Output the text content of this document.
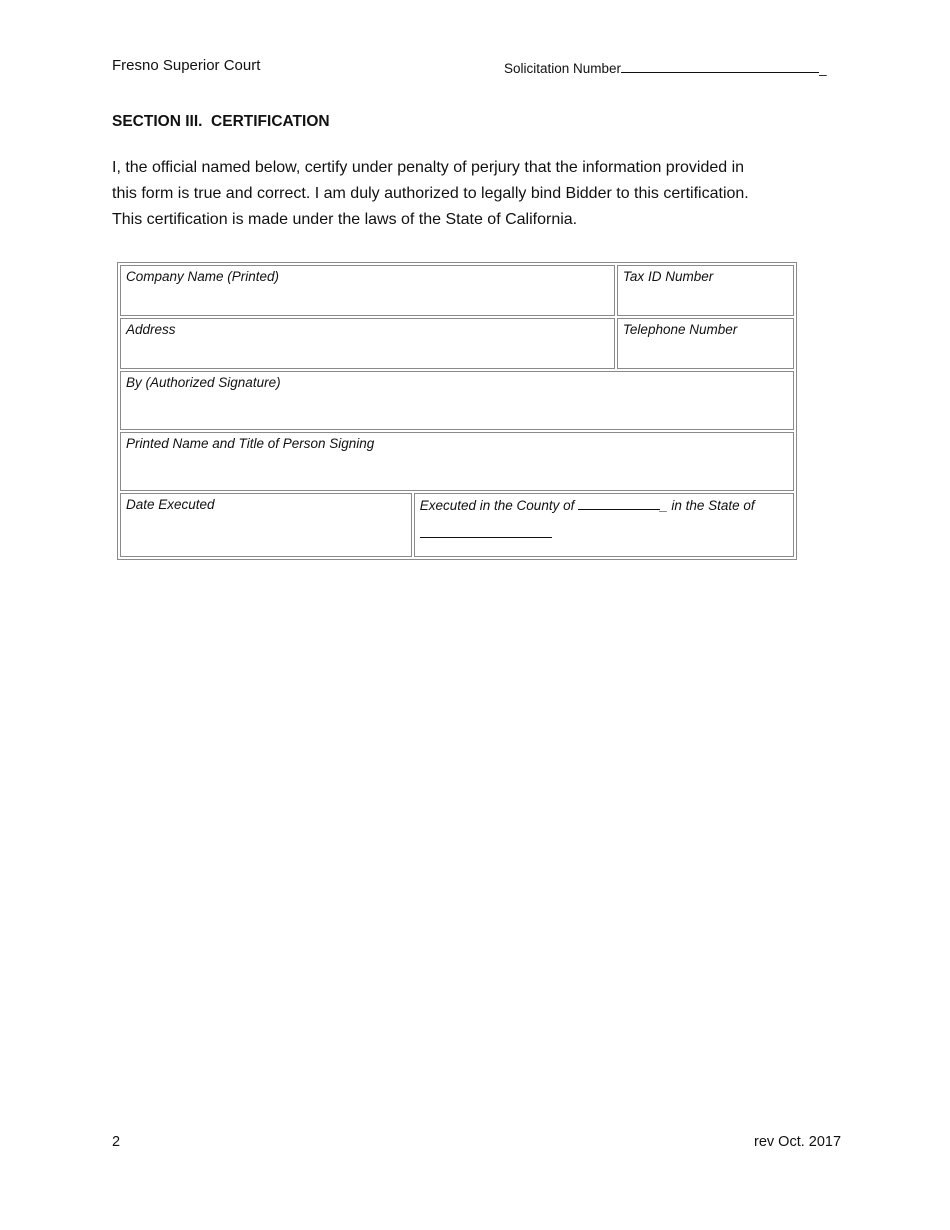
Fresno Superior Court	Solicitation Number	_
SECTION III.  CERTIFICATION
I, the official named below, certify under penalty of perjury that the information provided in
this form is true and correct. I am duly authorized to legally bind Bidder to this certification.
This certification is made under the laws of the State of California.
Company Name (Printed)		Tax ID Number
Address		Telephone Number
By (Authorized Signature)		
Printed Name and Title of Person Signing		
Date Executed	Executed in the County of _ in the State of	
2	rev Oct. 2017
